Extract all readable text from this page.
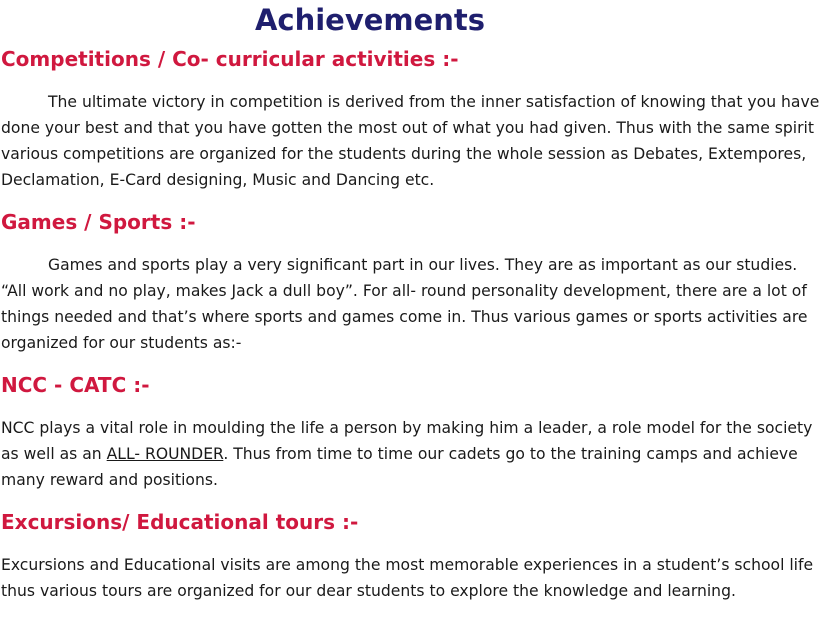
Achievements
Competitions / Co- curricular activities :-

The ultimate victory in competition is derived from the inner satisfaction of knowing that you have done your best and that you have gotten the most out of what you had given. Thus with the same spirit various competitions are organized for the students during the whole session as Debates, Extempores, Declamation, E-Card designing, Music and Dancing etc.

Games / Sports :-

Games and sports play a very significant part in our lives. They are as important as our studies. “All work and no play, makes Jack a dull boy”. For all- round personality development, there are a lot of things needed and that’s where sports and games come in. Thus various games or sports activities are organized for our students as:-

NCC - CATC :-

NCC plays a vital role in moulding the life a person by making him a leader, a role model for the society as well as an ALL- ROUNDER. Thus from time to time our cadets go to the training camps and achieve many reward and positions.

Excursions/ Educational tours :-

Excursions and Educational visits are among the most memorable experiences in a student’s school life thus various tours are organized for our dear students to explore the knowledge and learning.
